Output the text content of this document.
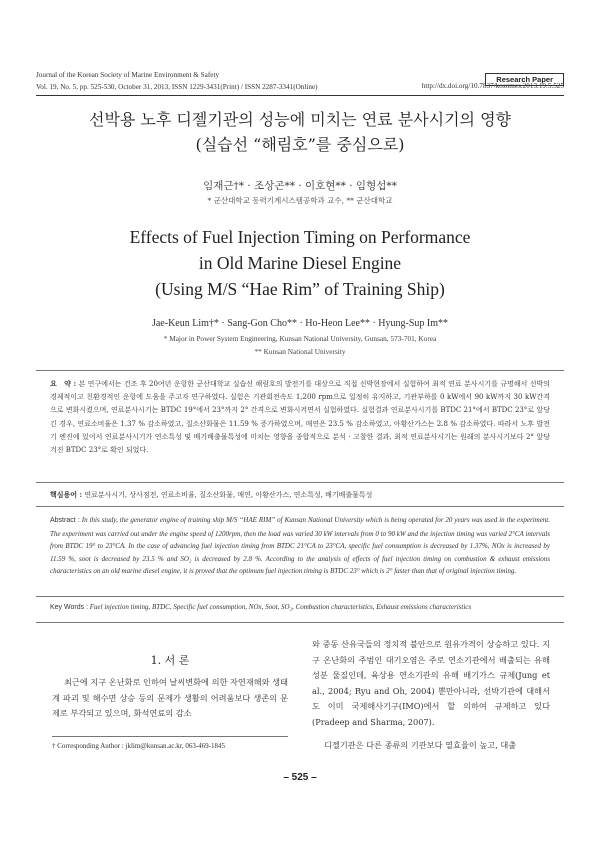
Journal of the Korean Society of Marine Environment & Safety	Research Paper
Vol. 19, No. 5, pp. 525-530, October 31, 2013, ISSN 1229-3431(Print) / ISSN 2287-3341(Online)	http://dx.doi.org/10.7837/kosomes.2013.19.5.525
선박용 노후 디젤기관의 성능에 미치는 연료 분사시기의 영향
(실습선 “해림호”를 중심으로)
임재근†* · 조상곤** · 이호현** · 임형섭**
* 군산대학교 동력기계시스템공학과 교수, ** 군산대학교
Effects of Fuel Injection Timing on Performance
in Old Marine Diesel Engine
(Using M/S “Hae Rim” of Training Ship)
Jae-Keun Lim†* · Sang-Gon Cho** · Ho-Heon Lee** · Hyung-Sup Im**
* Major in Power System Engineering, Kunsan National University, Gunsan, 573-701, Korea
** Kunsan National University
요　약 : 본 연구에서는 건조 후 20여년 운항한 군산대학교 실습선 해림호의 발전기를 대상으로 직접 선박현장에서 실험하여 최적 연료 분사시기를 규명해서 선박의 경제적이고 친환경적인 운항에 도움을 주고자 연구하였다. 실험은 기관회전속도 1,200 rpm으로 일정히 유지하고, 기관부하를 0 kW에서 90 kW까지 30 kW간격으로 변화시켰으며, 연료분사시기는 BTDC 19°에서 23°까지 2° 간격으로 변화시켜면서 실험하였다. 실험결과 연료분사시기를 BTDC 21°에서 BTDC 23°로 앞당긴 경우, 연료소비율은 1.37 % 감소하였고, 질소산화물은 11.59 % 증가하였으며, 매연은 23.5 % 감소하였고, 아황산가스는 2.8 % 감소하였다. 따라서 노후 발전기 엔진에 있어서 연료분사시기가 연소특성 및 배기배출물특성에 미치는 영향을 종합적으로 분석 · 고찰한 결과, 최적 연료분사시기는 원래의 분사시기보다 2° 앞당겨진 BTDC 23°로 확인 되었다.
핵심용어 : 연료분사시기, 상사점전, 연료소비율, 질소산화물, 매연, 아황산가스, 연소특성, 배기배출물특성
Abstract : In this study, the generator engine of training ship M/S “HAE RIM” of Kunsan National University which is being operated for 20 years was used in the experiment. The experiment was carried out under the engine speed of 1200rpm, then the load was varied 30 kW intervals from 0 to 90 kW and the injection timing was varied 2°CA intervals from BTDC 19° to 23°CA. In the case of advancing fuel injection timing from BTDC 21°CA to 23°CA, specific fuel consumption is decreased by 1.37%, NOx is increased by 11.59 %, soot is decreased by 23.5 % and SO₂ is decreased by 2.8 %. According to the analysis of effects of fuel injection timing on combustion & exhaust emissions characteristics on an old marine diesel engine, it is proved that the optimum fuel injection timing is BTDC 23° which is 2° faster than that of original injection timing.
Key Words : Fuel injection timing, BTDC, Specific fuel consumption, NOx, Soot, SO₂, Combustion characteristics, Exhaust emissions characteristics
1. 서 론
최근에 지구 온난화로 인하여 날씨변화에 의한 자연재해와 생태계 파괴 및 해수면 상승 등의 문제가 생활의 어려움보다 생존의 문제로 부각되고 있으며, 화석연료의 감소
와 중동 산유국들의 정치적 불안으로 원유가격이 상승하고 있다. 지구 온난화의 주범인 대기오염은 주로 연소기관에서 배출되는 유해성분 물질인데, 육상용 연소기관의 유해 배기가스 규제(Jung et al., 2004; Ryu and Oh, 2004) 뿐만아니라, 선박기관에 대해서도 이미 국제해사기구(IMO)에서 할 의하여 규제하고 있다(Pradeep and Sharma, 2007).
디젤기관은 다른 종류의 기관보다 열효율이 높고, 대출
† Corresponding Author : jklim@kunsan.ac.kr, 063-469-1845
– 525 –
